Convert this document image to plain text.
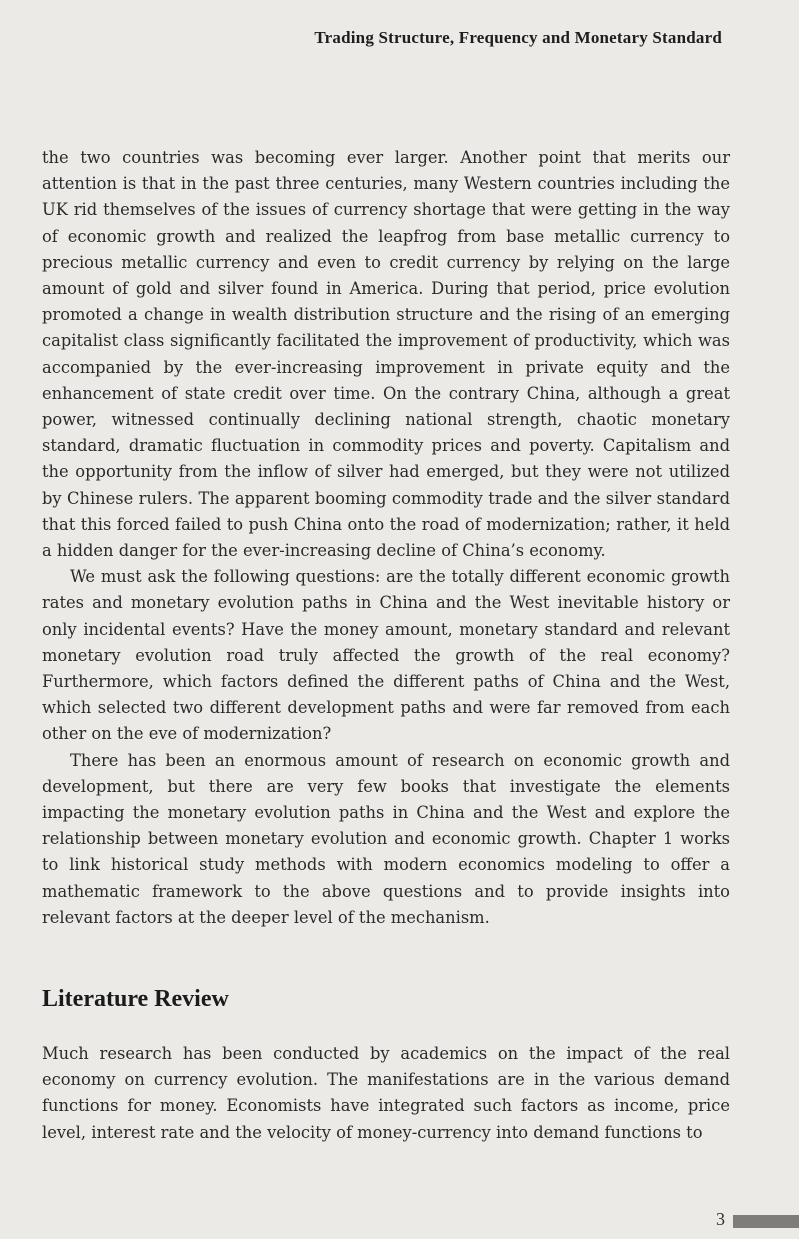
Trading Structure, Frequency and Monetary Standard

the two countries was becoming ever larger. Another point that merits our attention is that in the past three centuries, many Western countries including the UK rid themselves of the issues of currency shortage that were getting in the way of economic growth and realized the leapfrog from base metallic currency to precious metallic currency and even to credit currency by relying on the large amount of gold and silver found in America. During that period, price evolution promoted a change in wealth distribution structure and the rising of an emerging capitalist class significantly facilitated the improvement of productivity, which was accompanied by the ever-increasing improvement in private equity and the enhancement of state credit over time. On the contrary China, although a great power, witnessed continually declining national strength, chaotic monetary standard, dramatic fluctuation in commodity prices and poverty. Capitalism and the opportunity from the inflow of silver had emerged, but they were not utilized by Chinese rulers. The apparent booming commodity trade and the silver standard that this forced failed to push China onto the road of modernization; rather, it held a hidden danger for the ever-increasing decline of China’s economy.

We must ask the following questions: are the totally different economic growth rates and monetary evolution paths in China and the West inevitable history or only incidental events? Have the money amount, monetary standard and relevant monetary evolution road truly affected the growth of the real economy? Furthermore, which factors defined the different paths of China and the West, which selected two different development paths and were far removed from each other on the eve of modernization?

There has been an enormous amount of research on economic growth and development, but there are very few books that investigate the elements impacting the monetary evolution paths in China and the West and explore the relationship between monetary evolution and economic growth. Chapter 1 works to link historical study methods with modern economics modeling to offer a mathematic framework to the above questions and to provide insights into relevant factors at the deeper level of the mechanism.

Literature Review

Much research has been conducted by academics on the impact of the real economy on currency evolution. The manifestations are in the various demand functions for money. Economists have integrated such factors as income, price level, interest rate and the velocity of money-currency into demand functions to

3
